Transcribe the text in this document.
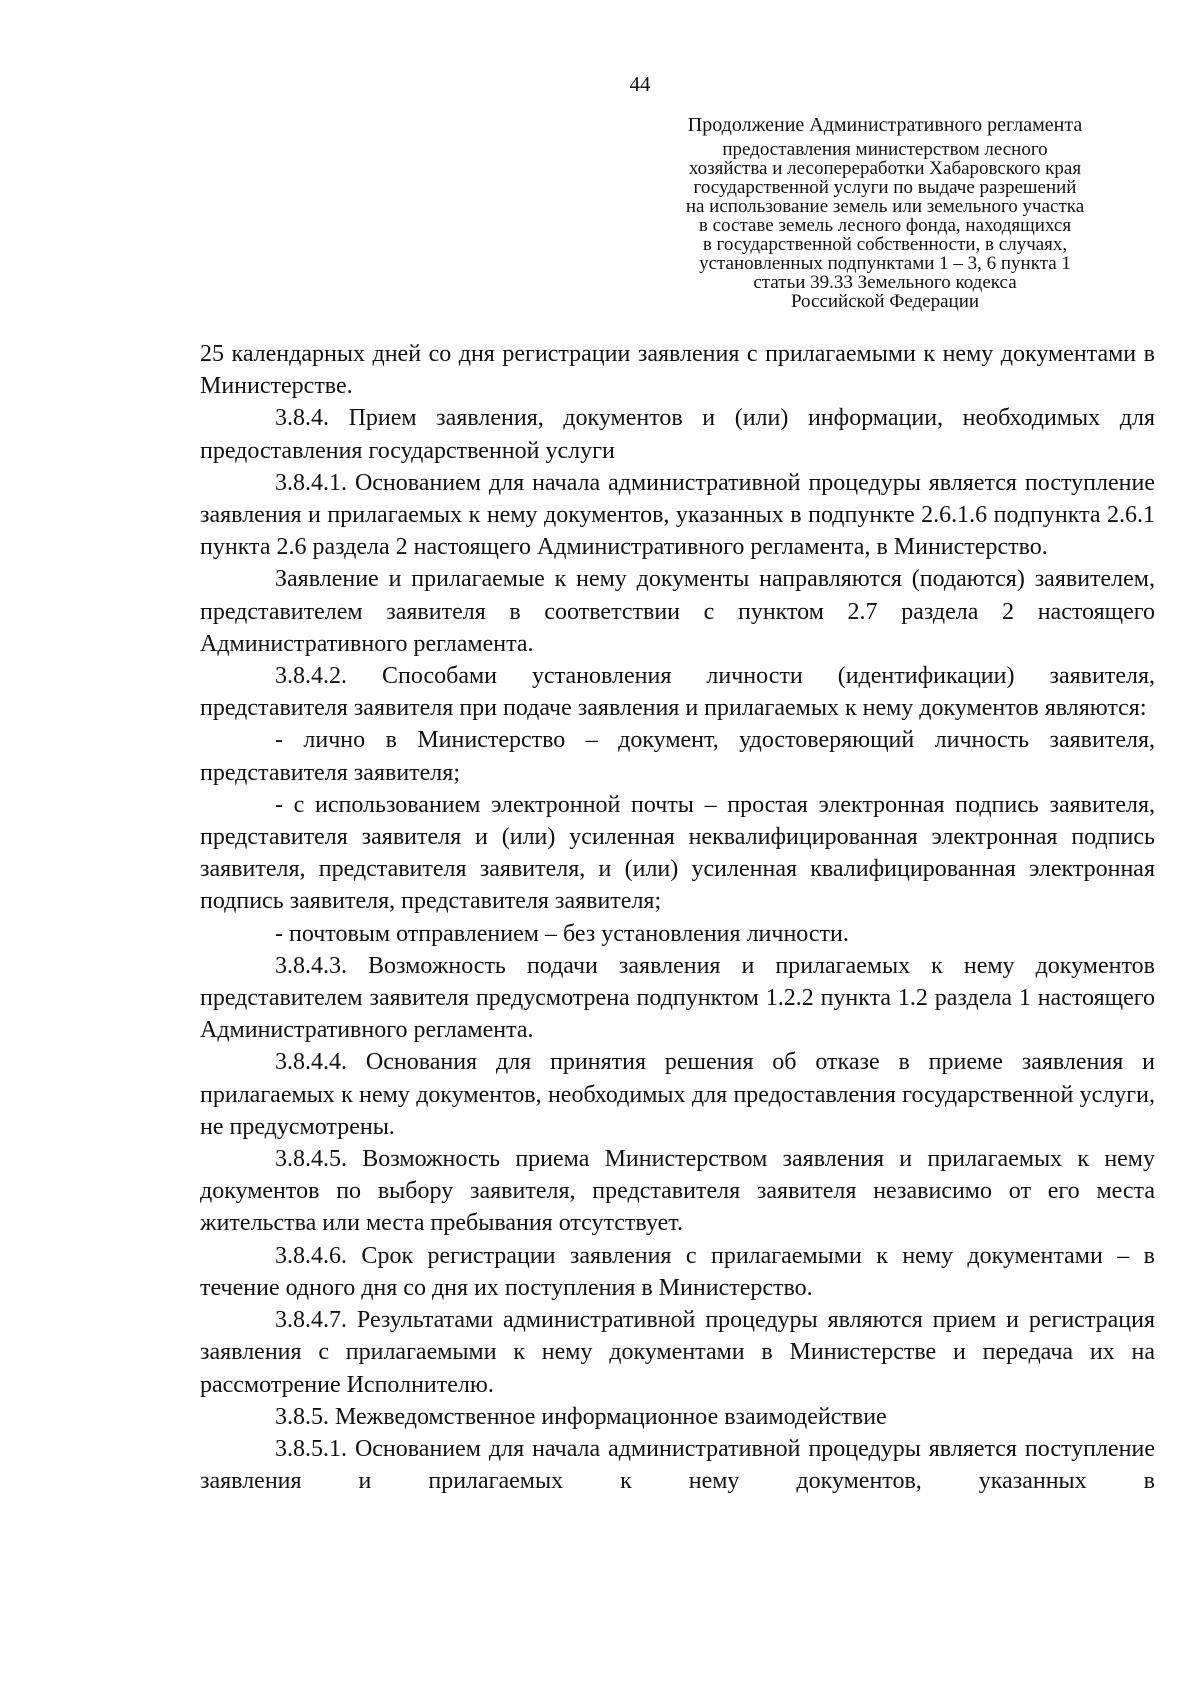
44
Продолжение Административного регламента
предоставления министерством лесного
хозяйства и лесопереработки Хабаровского края
государственной услуги по выдаче разрешений
на использование земель или земельного участка
в составе земель лесного фонда, находящихся
в государственной собственности, в случаях,
установленных подпунктами 1 – 3, 6 пункта 1
статьи 39.33 Земельного кодекса
Российской Федерации

25 календарных дней со дня регистрации заявления с прилагаемыми к нему документами в Министерстве.

3.8.4. Прием заявления, документов и (или) информации, необходимых для предоставления государственной услуги

3.8.4.1. Основанием для начала административной процедуры является поступление заявления и прилагаемых к нему документов, указанных в подпункте 2.6.1.6 подпункта 2.6.1 пункта 2.6 раздела 2 настоящего Административного регламента, в Министерство.

Заявление и прилагаемые к нему документы направляются (подаются) заявителем, представителем заявителя в соответствии с пунктом 2.7 раздела 2 настоящего Административного регламента.

3.8.4.2. Способами установления личности (идентификации) заявителя, представителя заявителя при подаче заявления и прилагаемых к нему документов являются:

- лично в Министерство – документ, удостоверяющий личность заявителя, представителя заявителя;

- с использованием электронной почты – простая электронная подпись заявителя, представителя заявителя и (или) усиленная неквалифицированная электронная подпись заявителя, представителя заявителя, и (или) усиленная квалифицированная электронная подпись заявителя, представителя заявителя;

- почтовым отправлением – без установления личности.

3.8.4.3. Возможность подачи заявления и прилагаемых к нему документов представителем заявителя предусмотрена подпунктом 1.2.2 пункта 1.2 раздела 1 настоящего Административного регламента.

3.8.4.4. Основания для принятия решения об отказе в приеме заявления и прилагаемых к нему документов, необходимых для предоставления государственной услуги, не предусмотрены.

3.8.4.5. Возможность приема Министерством заявления и прилагаемых к нему документов по выбору заявителя, представителя заявителя независимо от его места жительства или места пребывания отсутствует.

3.8.4.6. Срок регистрации заявления с прилагаемыми к нему документами – в течение одного дня со дня их поступления в Министерство.

3.8.4.7. Результатами административной процедуры являются прием и регистрация заявления с прилагаемыми к нему документами в Министерстве и передача их на рассмотрение Исполнителю.

3.8.5. Межведомственное информационное взаимодействие

3.8.5.1. Основанием для начала административной процедуры является поступление заявления и прилагаемых к нему документов, указанных в
